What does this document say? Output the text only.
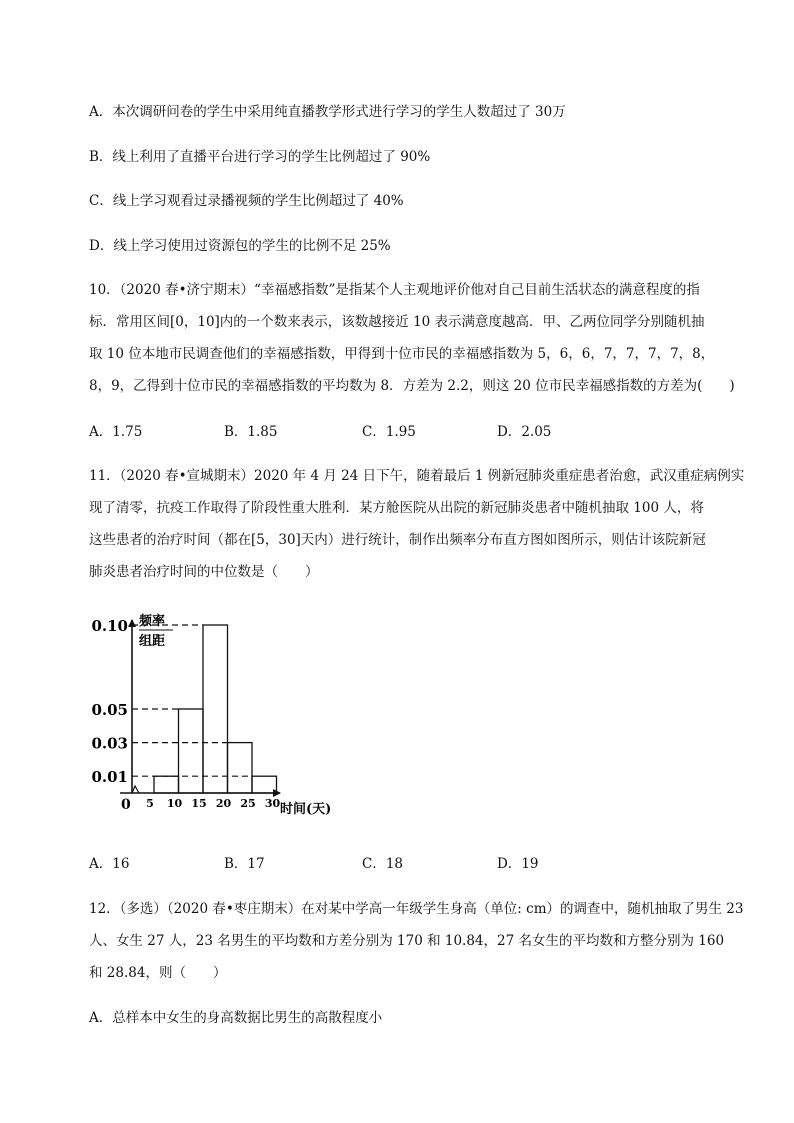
A．本次调研问卷的学生中采用纯直播教学形式进行学习的学生人数超过了 30万
B．线上利用了直播平台进行学习的学生比例超过了 90%
C．线上学习观看过录播视频的学生比例超过了 40%
D．线上学习使用过资源包的学生的比例不足 25%
10．（2020 春•济宁期末）“幸福感指数”是指某个人主观地评价他对自己目前生活状态的满意程度的指
标．常用区间[0，10]内的一个数来表示，该数越接近 10 表示满意度越高．甲、乙两位同学分别随机抽
取 10 位本地市民调查他们的幸福感指数，甲得到十位市民的幸福感指数为 5，6，6，7，7，7，7，8，
8，9，乙得到十位市民的幸福感指数的平均数为 8．方差为 2.2，则这 20 位市民幸福感指数的方差为(　　)
A．1.75	B．1.85	C．1.95	D．2.05
11．（2020 春•宣城期末）2020 年 4 月 24 日下午，随着最后 1 例新冠肺炎重症患者治愈，武汉重症病例实
现了清零，抗疫工作取得了阶段性重大胜利．某方舱医院从出院的新冠肺炎患者中随机抽取 100 人，将
这些患者的治疗时间（都在[5，30]天内）进行统计，制作出频率分布直方图如图所示，则估计该院新冠
肺炎患者治疗时间的中位数是（　　）
频率
组距
0.10
0.05
0.03
0.01
5 10 15 20 25 30
0	时间(天)
A．16	B．17	C．18	D．19
12．（多选）（2020 春•枣庄期末）在对某中学高一年级学生身高（单位: cm）的调查中，随机抽取了男生 23
人、女生 27 人，23 名男生的平均数和方差分别为 170 和 10.84，27 名女生的平均数和方整分别为 160
和 28.84，则（　　）
A．总样本中女生的身高数据比男生的高散程度小
